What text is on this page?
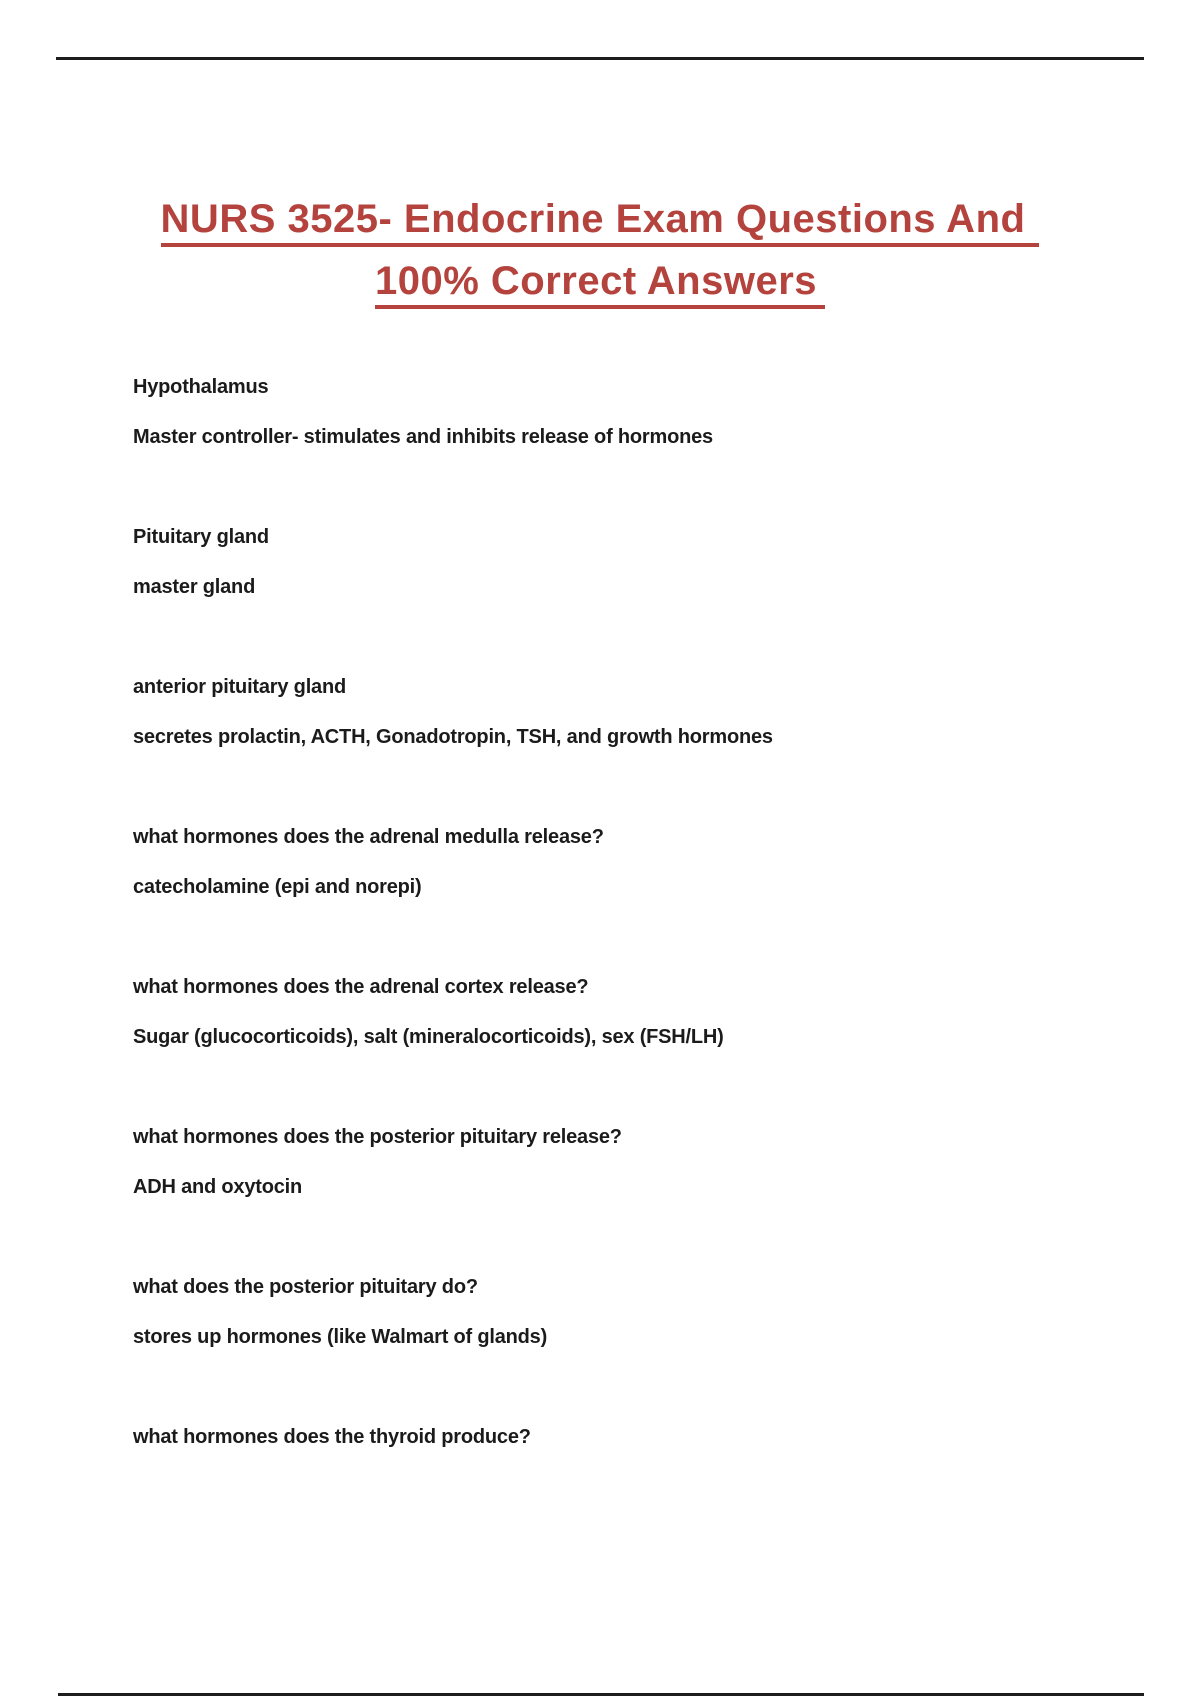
NURS 3525- Endocrine Exam Questions And
100% Correct Answers

Hypothalamus

Master controller- stimulates and inhibits release of hormones

Pituitary gland

master gland

anterior pituitary gland

secretes prolactin, ACTH, Gonadotropin, TSH, and growth hormones

what hormones does the adrenal medulla release?

catecholamine (epi and norepi)

what hormones does the adrenal cortex release?

Sugar (glucocorticoids), salt (mineralocorticoids), sex (FSH/LH)

what hormones does the posterior pituitary release?

ADH and oxytocin

what does the posterior pituitary do?

stores up hormones (like Walmart of glands)

what hormones does the thyroid produce?
